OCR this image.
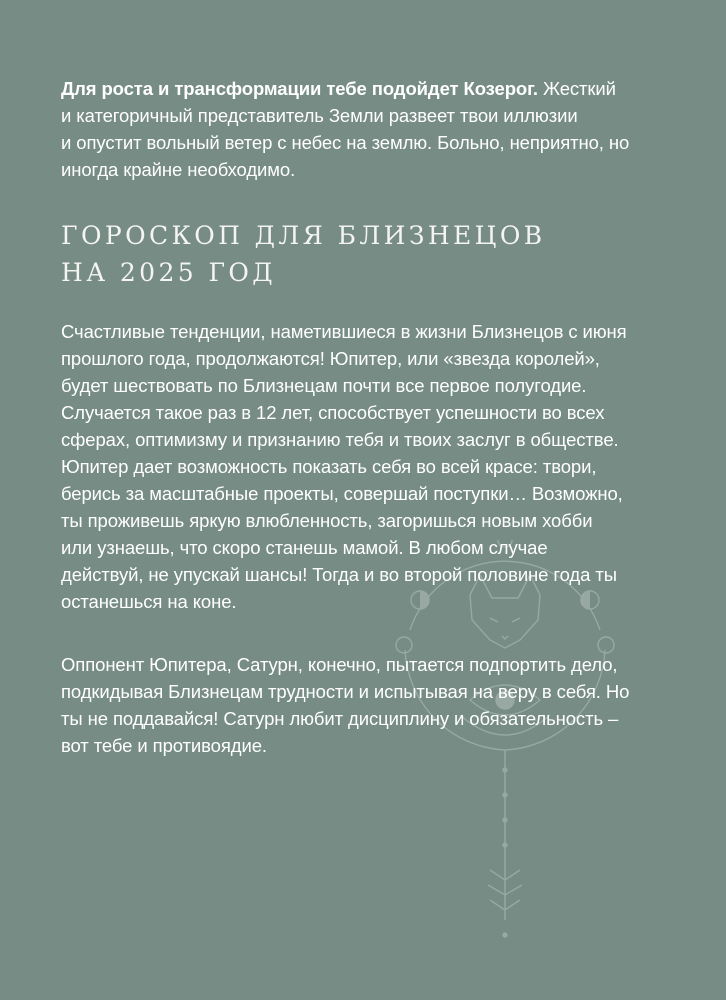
Для роста и трансформации тебе подойдет Козерог. Жесткий
и категоричный представитель Земли развеет твои иллюзии
и опустит вольный ветер с небес на землю. Больно, неприятно, но
иногда крайне необходимо.

ГОРОСКОП ДЛЯ БЛИЗНЕЦОВ
НА 2025 ГОД

Счастливые тенденции, наметившиеся в жизни Близнецов с июня
прошлого года, продолжаются! Юпитер, или «звезда королей»,
будет шествовать по Близнецам почти все первое полугодие.
Случается такое раз в 12 лет, способствует успешности во всех
сферах, оптимизму и признанию тебя и твоих заслуг в обществе.
Юпитер дает возможность показать себя во всей красе: твори,
берись за масштабные проекты, совершай поступки… Возможно,
ты проживешь яркую влюбленность, загоришься новым хобби
или узнаешь, что скоро станешь мамой. В любом случае
действуй, не упускай шансы! Тогда и во второй половине года ты
останешься на коне.

Оппонент Юпитера, Сатурн, конечно, пытается подпортить дело,
подкидывая Близнецам трудности и испытывая на веру в себя. Но
ты не поддавайся! Сатурн любит дисциплину и обязательность –
вот тебе и противоядие.
